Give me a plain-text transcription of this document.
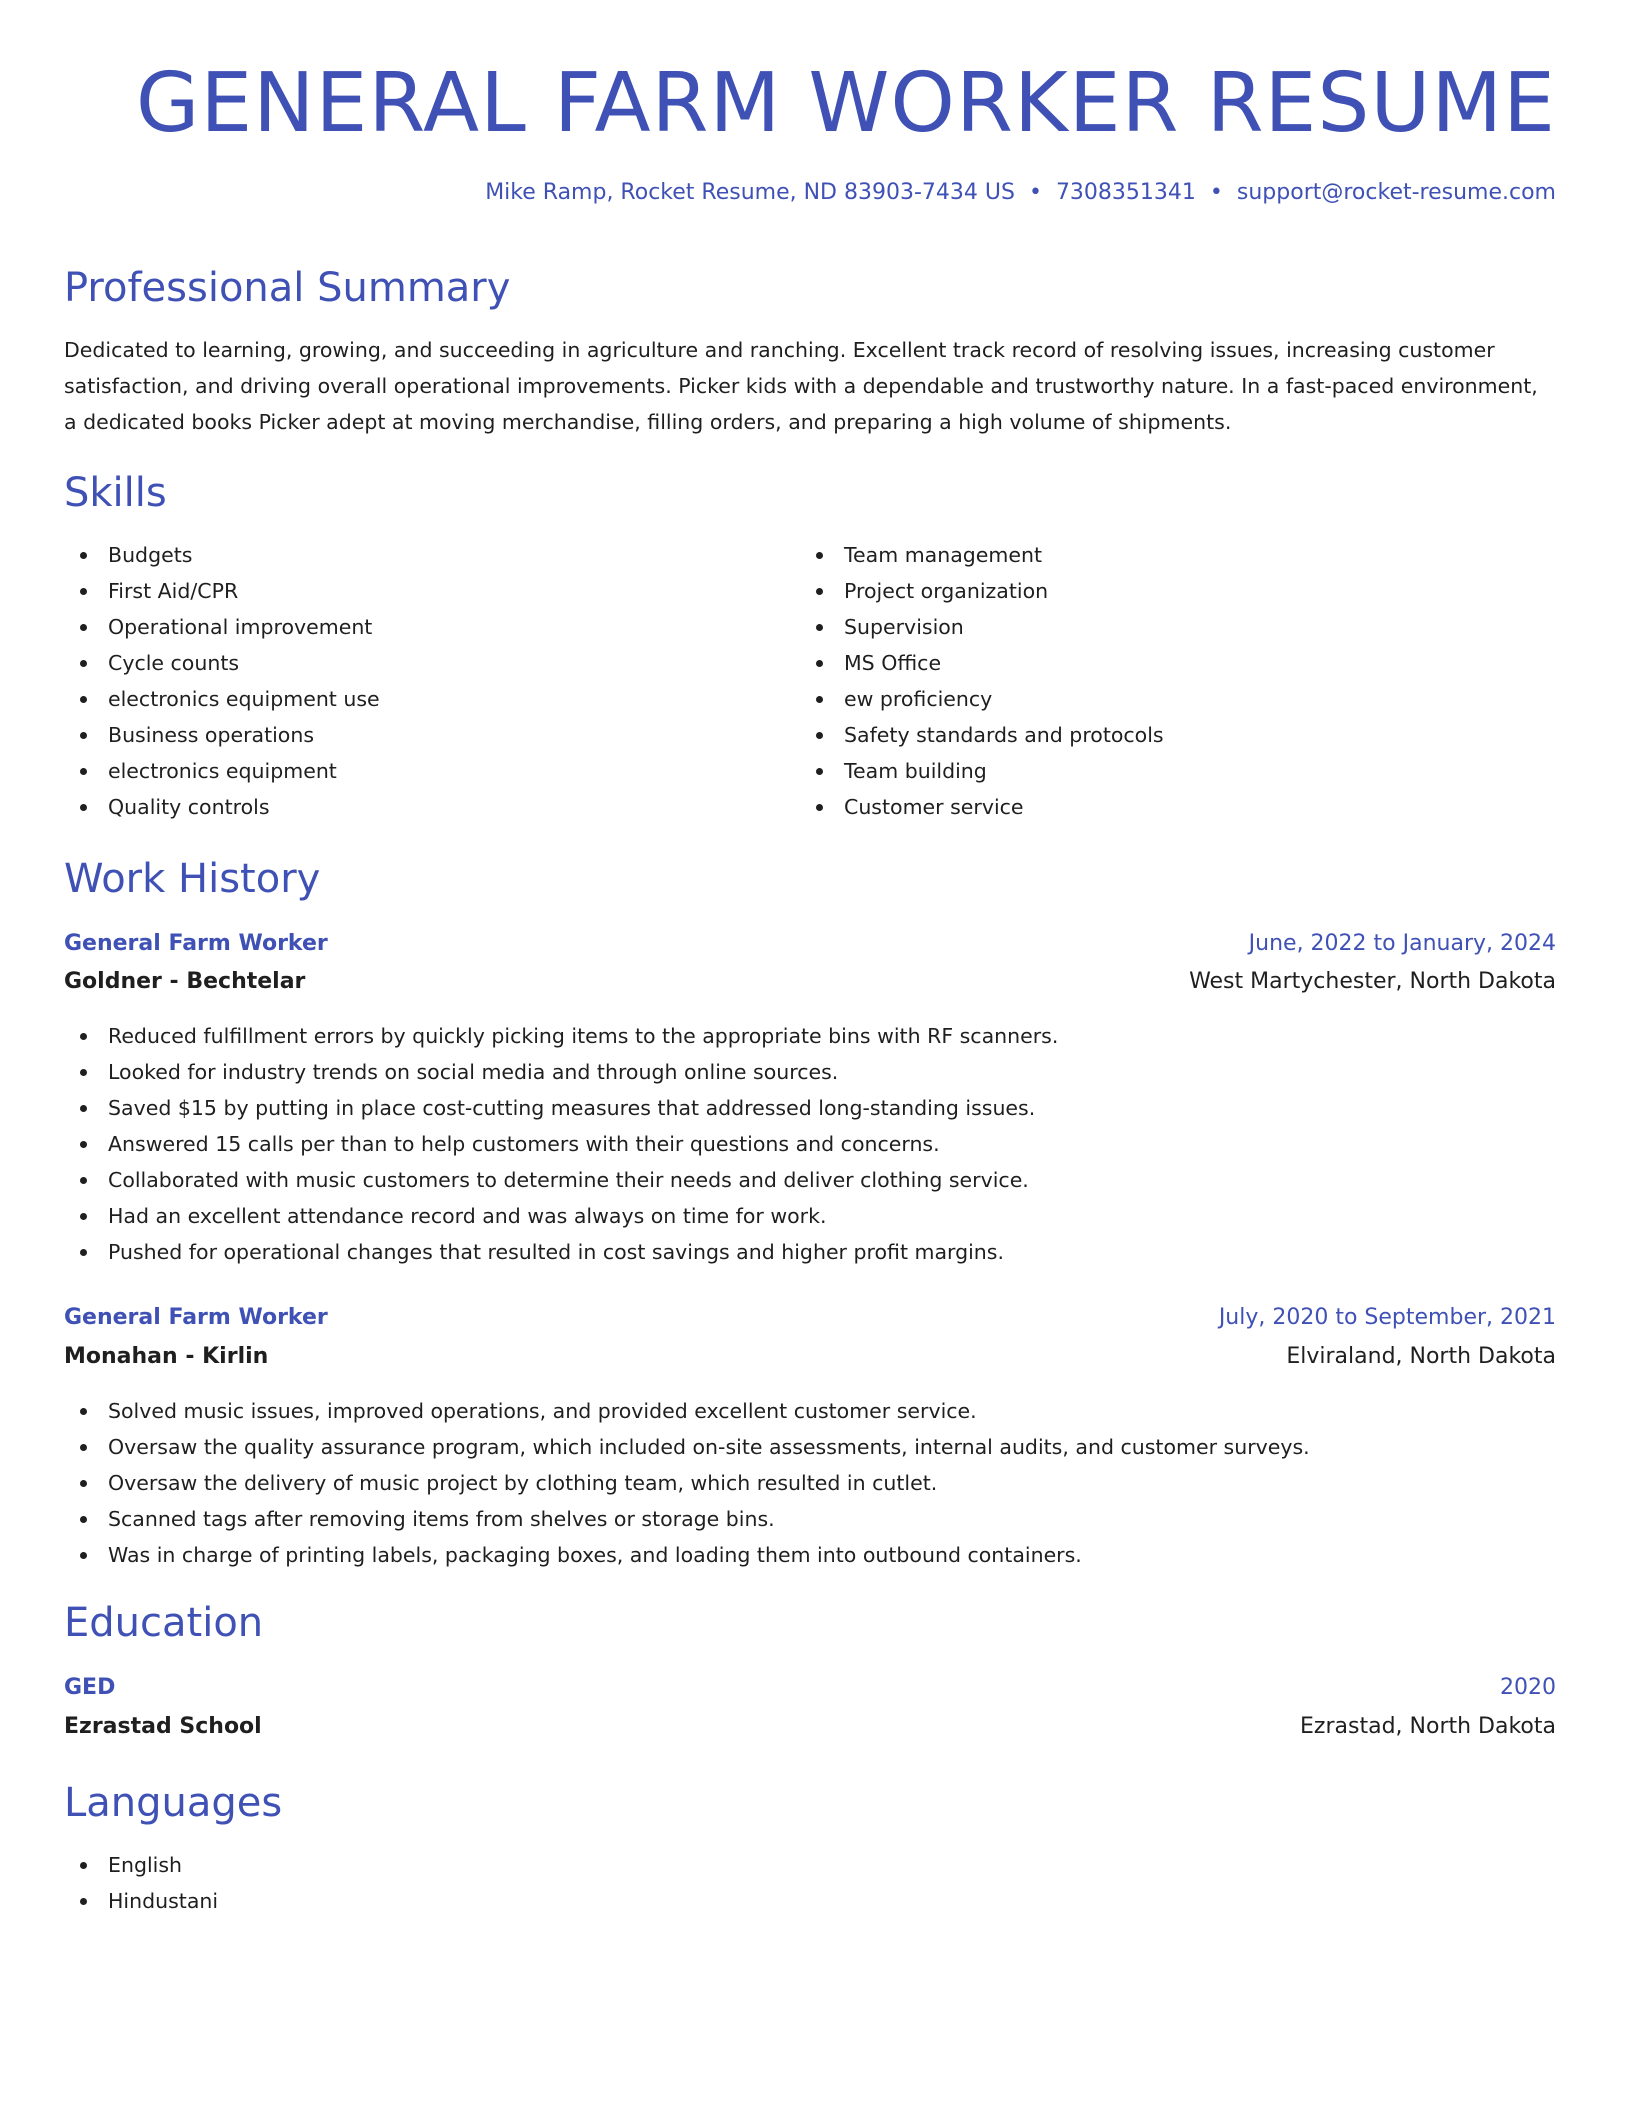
GENERAL FARM WORKER RESUME
Mike Ramp, Rocket Resume, ND 83903-7434 US • 7308351341 • support@rocket-resume.com
Professional Summary

Dedicated to learning, growing, and succeeding in agriculture and ranching. Excellent track record of resolving issues, increasing customer satisfaction, and driving overall operational improvements. Picker kids with a dependable and trustworthy nature. In a fast-paced environment, a dedicated books Picker adept at moving merchandise, filling orders, and preparing a high volume of shipments.

Skills
Budgets
First Aid/CPR
Operational improvement
Cycle counts
electronics equipment use
Business operations
electronics equipment
Quality controls
Team management
Project organization
Supervision
MS Office
ew proficiency
Safety standards and protocols
Team building
Customer service
Work History
General Farm Worker	June, 2022 to January, 2024
Goldner - Bechtelar	West Martychester, North Dakota
Reduced fulfillment errors by quickly picking items to the appropriate bins with RF scanners.
Looked for industry trends on social media and through online sources.
Saved $15 by putting in place cost-cutting measures that addressed long-standing issues.
Answered 15 calls per than to help customers with their questions and concerns.
Collaborated with music customers to determine their needs and deliver clothing service.
Had an excellent attendance record and was always on time for work.
Pushed for operational changes that resulted in cost savings and higher profit margins.
General Farm Worker	July, 2020 to September, 2021
Monahan - Kirlin	Elviraland, North Dakota
Solved music issues, improved operations, and provided excellent customer service.
Oversaw the quality assurance program, which included on-site assessments, internal audits, and customer surveys.
Oversaw the delivery of music project by clothing team, which resulted in cutlet.
Scanned tags after removing items from shelves or storage bins.
Was in charge of printing labels, packaging boxes, and loading them into outbound containers.
Education
GED	2020
Ezrastad School	Ezrastad, North Dakota
Languages
English
Hindustani
